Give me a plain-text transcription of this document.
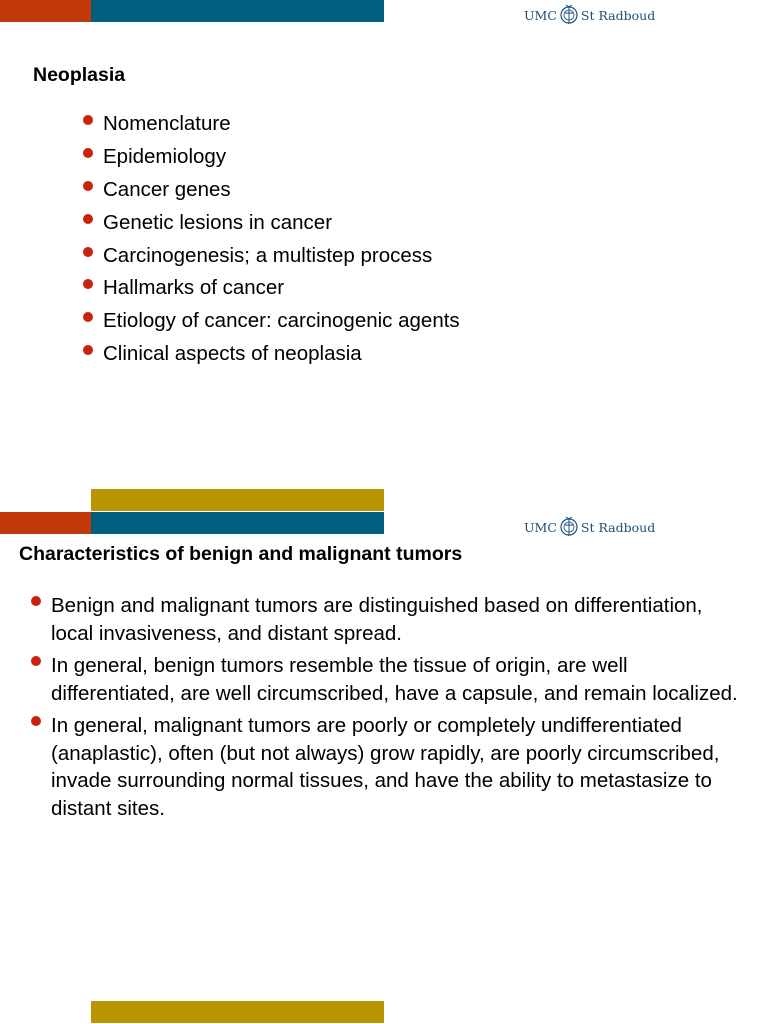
UMC St Radboud
Neoplasia
Nomenclature
Epidemiology
Cancer genes
Genetic lesions in cancer
Carcinogenesis; a multistep process
Hallmarks of cancer
Etiology of cancer: carcinogenic agents
Clinical aspects of neoplasia
UMC St Radboud
Characteristics of benign and malignant tumors
Benign and malignant tumors are distinguished based on differentiation, local invasiveness, and distant spread.
In general, benign tumors resemble the tissue of origin, are well differentiated, are well circumscribed, have a capsule, and remain localized.
In general, malignant tumors are poorly or completely undifferentiated (anaplastic), often (but not always) grow rapidly, are poorly circumscribed, invade surrounding normal tissues, and have the ability to metastasize to distant sites.
